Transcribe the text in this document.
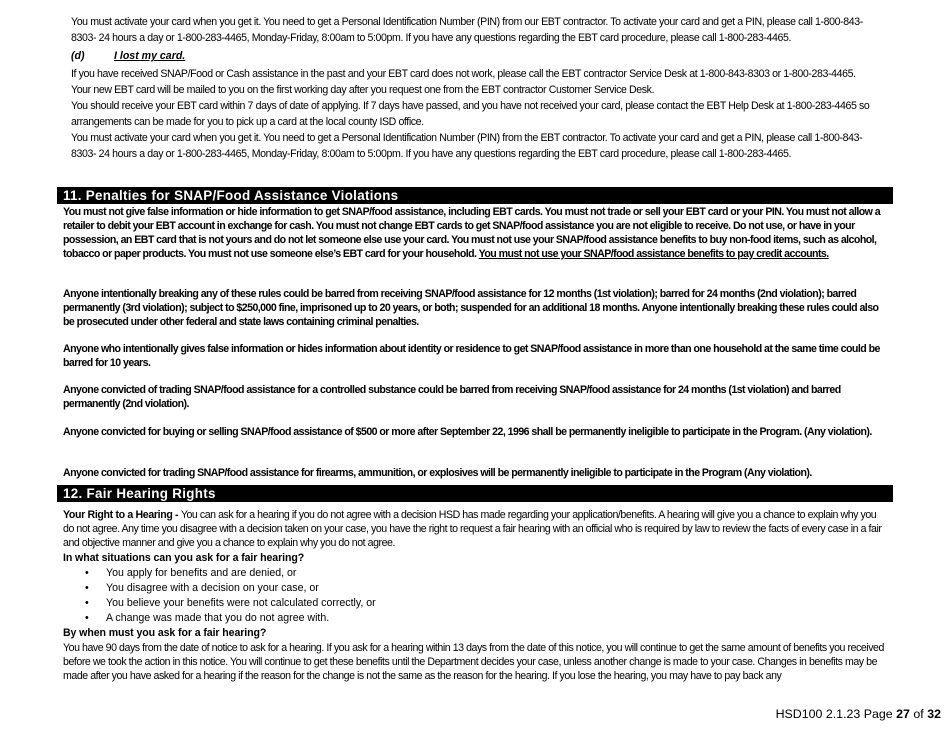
You must activate your card when you get it. You need to get a Personal Identification Number (PIN) from our EBT contractor. To activate your card and get a PIN, please call 1-800-843-8303- 24 hours a day or 1-800-283-4465, Monday-Friday, 8:00am to 5:00pm. If you have any questions regarding the EBT card procedure, please call 1-800-283-4465.

(d)	I lost my card.

If you have received SNAP/Food or Cash assistance in the past and your EBT card does not work, please call the EBT contractor Service Desk at 1-800-843-8303 or 1-800-283-4465. Your new EBT card will be mailed to you on the first working day after you request one from the EBT contractor Customer Service Desk.

You should receive your EBT card within 7 days of date of applying. If 7 days have passed, and you have not received your card, please contact the EBT Help Desk at 1-800-283-4465 so arrangements can be made for you to pick up a card at the local county ISD office.

You must activate your card when you get it. You need to get a Personal Identification Number (PIN) from the EBT contractor. To activate your card and get a PIN, please call 1-800-843-8303- 24 hours a day or 1-800-283-4465, Monday-Friday, 8:00am to 5:00pm. If you have any questions regarding the EBT card procedure, please call 1-800-283-4465.

11. Penalties for SNAP/Food Assistance Violations

You must not give false information or hide information to get SNAP/food assistance, including EBT cards. You must not trade or sell your EBT card or your PIN. You must not allow a retailer to debit your EBT account in exchange for cash. You must not change EBT cards to get SNAP/food assistance you are not eligible to receive. Do not use, or have in your possession, an EBT card that is not yours and do not let someone else use your card. You must not use your SNAP/food assistance benefits to buy non-food items, such as alcohol, tobacco or paper products. You must not use someone else’s EBT card for your household. You must not use your SNAP/food assistance benefits to pay credit accounts.

Anyone intentionally breaking any of these rules could be barred from receiving SNAP/food assistance for 12 months (1st violation); barred for 24 months (2nd violation); barred permanently (3rd violation); subject to $250,000 fine, imprisoned up to 20 years, or both; suspended for an additional 18 months. Anyone intentionally breaking these rules could also be prosecuted under other federal and state laws containing criminal penalties.

Anyone who intentionally gives false information or hides information about identity or residence to get SNAP/food assistance in more than one household at the same time could be barred for 10 years.

Anyone convicted of trading SNAP/food assistance for a controlled substance could be barred from receiving SNAP/food assistance for 24 months (1st violation) and barred permanently (2nd violation).

Anyone convicted for buying or selling SNAP/food assistance of $500 or more after September 22, 1996 shall be permanently ineligible to participate in the Program. (Any violation).

Anyone convicted for trading SNAP/food assistance for firearms, ammunition, or explosives will be permanently ineligible to participate in the Program (Any violation).

12. Fair Hearing Rights

Your Right to a Hearing - You can ask for a hearing if you do not agree with a decision HSD has made regarding your application/benefits. A hearing will give you a chance to explain why you do not agree. Any time you disagree with a decision taken on your case, you have the right to request a fair hearing with an official who is required by law to review the facts of every case in a fair and objective manner and give you a chance to explain why you do not agree.

In what situations can you ask for a fair hearing?
• You apply for benefits and are denied, or
• You disagree with a decision on your case, or
• You believe your benefits were not calculated correctly, or
• A change was made that you do not agree with.
By when must you ask for a fair hearing?

You have 90 days from the date of notice to ask for a hearing. If you ask for a hearing within 13 days from the date of this notice, you will continue to get the same amount of benefits you received before we took the action in this notice. You will continue to get these benefits until the Department decides your case, unless another change is made to your case. Changes in benefits may be made after you have asked for a hearing if the reason for the change is not the same as the reason for the hearing. If you lose the hearing, you may have to pay back any

HSD100 2.1.23 Page 27 of 32
